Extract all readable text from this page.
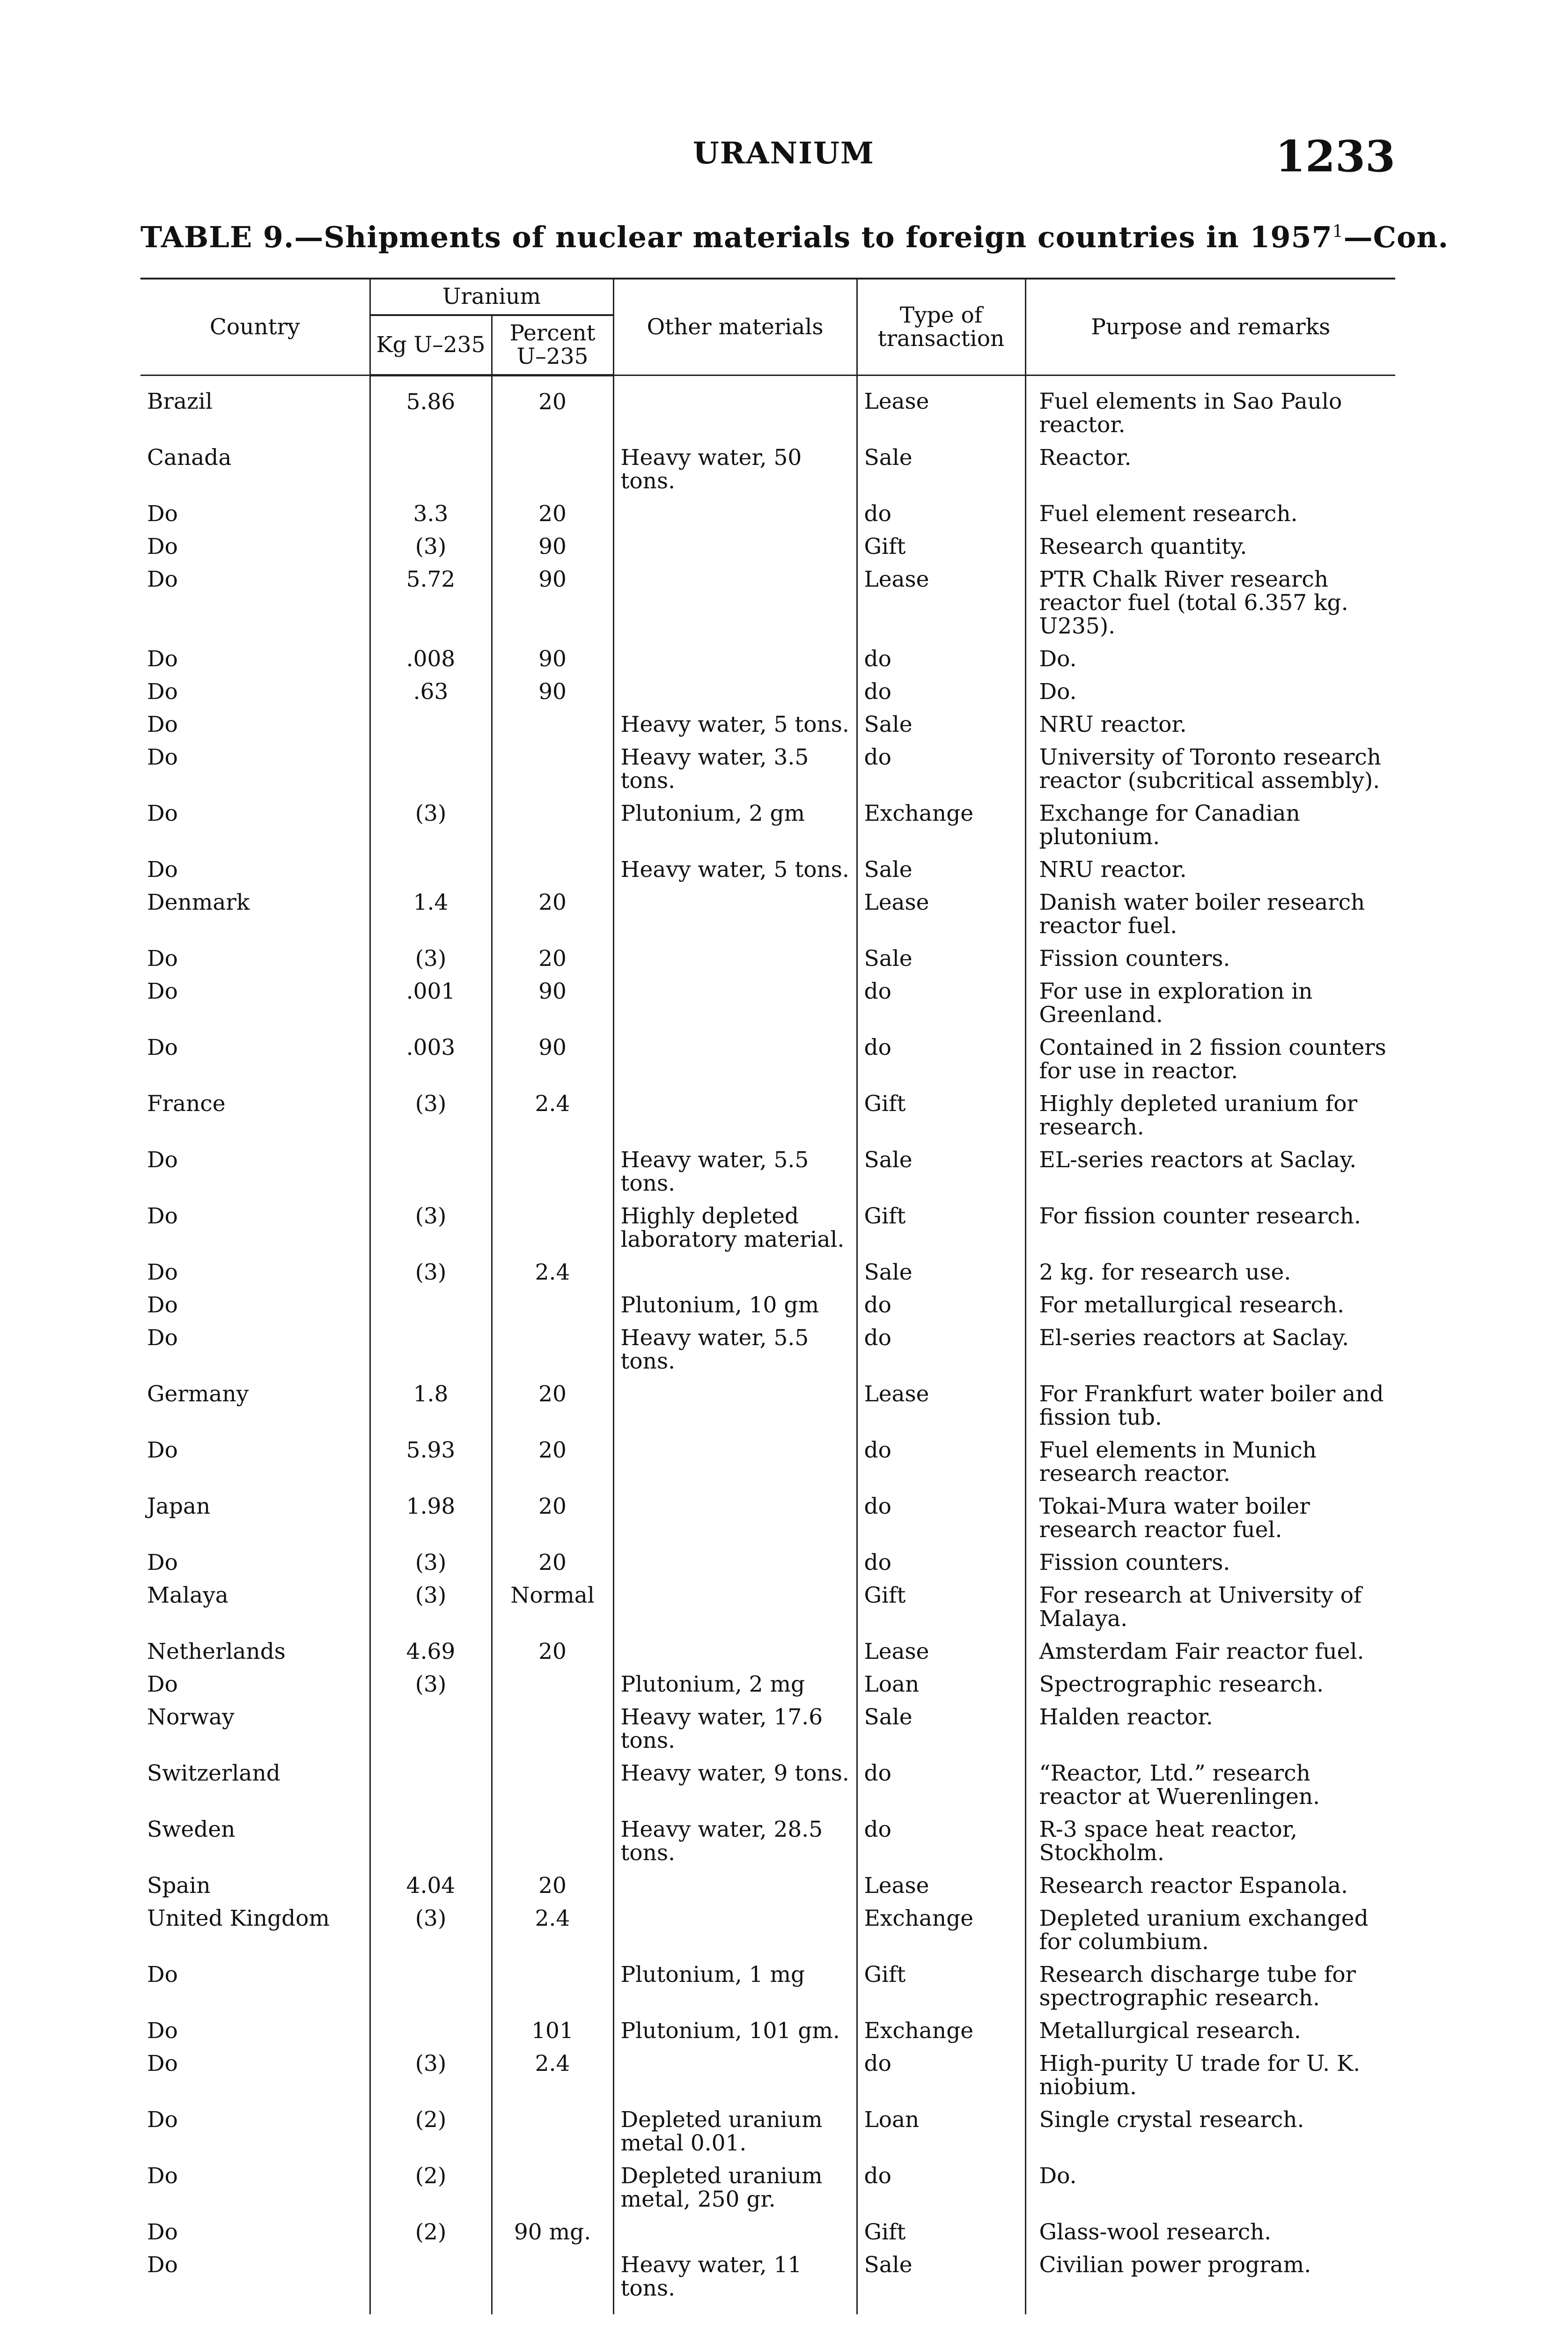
URANIUM	1233
TABLE 9.—Shipments of nuclear materials to foreign countries in 1957$^1$—Con.
Country	Uranium		Other materials	Type of transaction	Purpose and remarks
	Kg U–235	Percent U–235			
Brazil	5.86	20		Lease	Fuel elements in Sao Paulo reactor.
Canada			Heavy water, 50 tons.	Sale	Reactor.
Do	3.3	20		do	Fuel element research.
Do	(3)	90		Gift	Research quantity.
Do	5.72	90		Lease	PTR Chalk River research reactor fuel (total 6.357 kg. U235).
Do	.008	90		do	Do.
Do	.63	90		do	Do.
Do			Heavy water, 5 tons.	Sale	NRU reactor.
Do			Heavy water, 3.5 tons.	do	University of Toronto research reactor (subcritical assembly).
Do	(3)		Plutonium, 2 gm	Exchange	Exchange for Canadian plutonium.
Do			Heavy water, 5 tons.	Sale	NRU reactor.
Denmark	1.4	20		Lease	Danish water boiler research reactor fuel.
Do	(3)	20		Sale	Fission counters.
Do	.001	90		do	For use in exploration in Greenland.
Do	.003	90		do	Contained in 2 fission counters for use in reactor.
France	(3)	2.4		Gift	Highly depleted uranium for research.
Do			Heavy water, 5.5 tons.	Sale	EL-series reactors at Saclay.
Do	(3)		Highly depleted laboratory material.	Gift	For fission counter research.
Do	(3)	2.4		Sale	2 kg. for research use.
Do			Plutonium, 10 gm	do	For metallurgical research.
Do			Heavy water, 5.5 tons.	do	El-series reactors at Saclay.
Germany	1.8	20		Lease	For Frankfurt water boiler and fission tub.
Do	5.93	20		do	Fuel elements in Munich research reactor.
Japan	1.98	20		do	Tokai-Mura water boiler research reactor fuel.
Do	(3)	20		do	Fission counters.
Malaya	(3)	Normal		Gift	For research at University of Malaya.
Netherlands	4.69	20		Lease	Amsterdam Fair reactor fuel.
Do	(3)		Plutonium, 2 mg	Loan	Spectrographic research.
Norway			Heavy water, 17.6 tons.	Sale	Halden reactor.
Switzerland			Heavy water, 9 tons.	do	“Reactor, Ltd.” research reactor at Wuerenlingen.
Sweden			Heavy water, 28.5 tons.	do	R-3 space heat reactor, Stockholm.
Spain	4.04	20		Lease	Research reactor Espanola.
United Kingdom	(3)	2.4		Exchange	Depleted uranium exchanged for columbium.
Do			Plutonium, 1 mg	Gift	Research discharge tube for spectrographic research.
Do		101	Plutonium, 101 gm.	Exchange	Metallurgical research.
Do	(3)	2.4		do	High-purity U trade for U. K. niobium.
Do	(2)		Depleted uranium metal 0.01.	Loan	Single crystal research.
Do	(2)		Depleted uranium metal, 250 gr.	do	Do.
Do	(2)	90 mg.		Gift	Glass-wool research.
Do			Heavy water, 11 tons.	Sale	Civilian power program.
